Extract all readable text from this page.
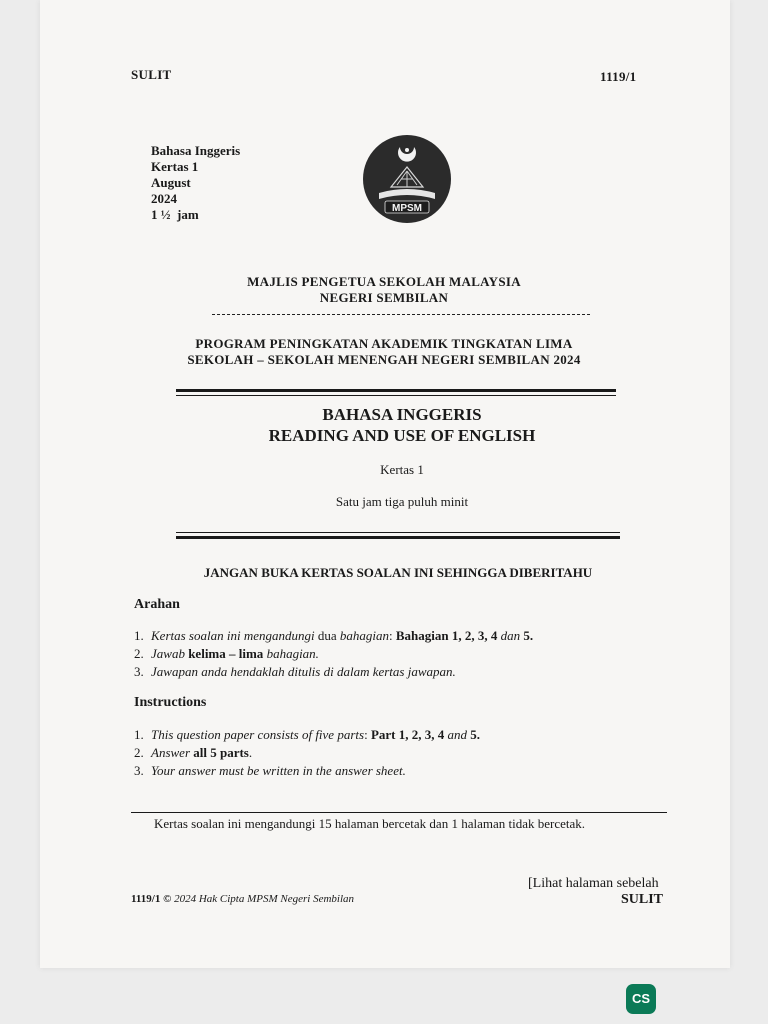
SULIT	1119/1
Bahasa Inggeris
Kertas 1
August
2024
1 ½  jam	MPSM
MAJLIS PENGETUA SEKOLAH MALAYSIA
NEGERI SEMBILAN
PROGRAM PENINGKATAN AKADEMIK TINGKATAN LIMA
SEKOLAH – SEKOLAH MENENGAH NEGERI SEMBILAN 2024
BAHASA INGGERIS
READING AND USE OF ENGLISH
Kertas 1
Satu jam tiga puluh minit
JANGAN BUKA KERTAS SOALAN INI SEHINGGA DIBERITAHU
Arahan
1. Kertas soalan ini mengandungi dua bahagian: Bahagian 1, 2, 3, 4 dan 5.
2. Jawab kelima – lima bahagian.
3. Jawapan anda hendaklah ditulis di dalam kertas jawapan.
Instructions
1. This question paper consists of five parts: Part 1, 2, 3, 4 and 5.
2. Answer all 5 parts.
3. Your answer must be written in the answer sheet.
Kertas soalan ini mengandungi 15 halaman bercetak dan 1 halaman tidak bercetak.
[Lihat halaman sebelah
1119/1 © 2024 Hak Cipta MPSM Negeri Sembilan	SULIT
CS
